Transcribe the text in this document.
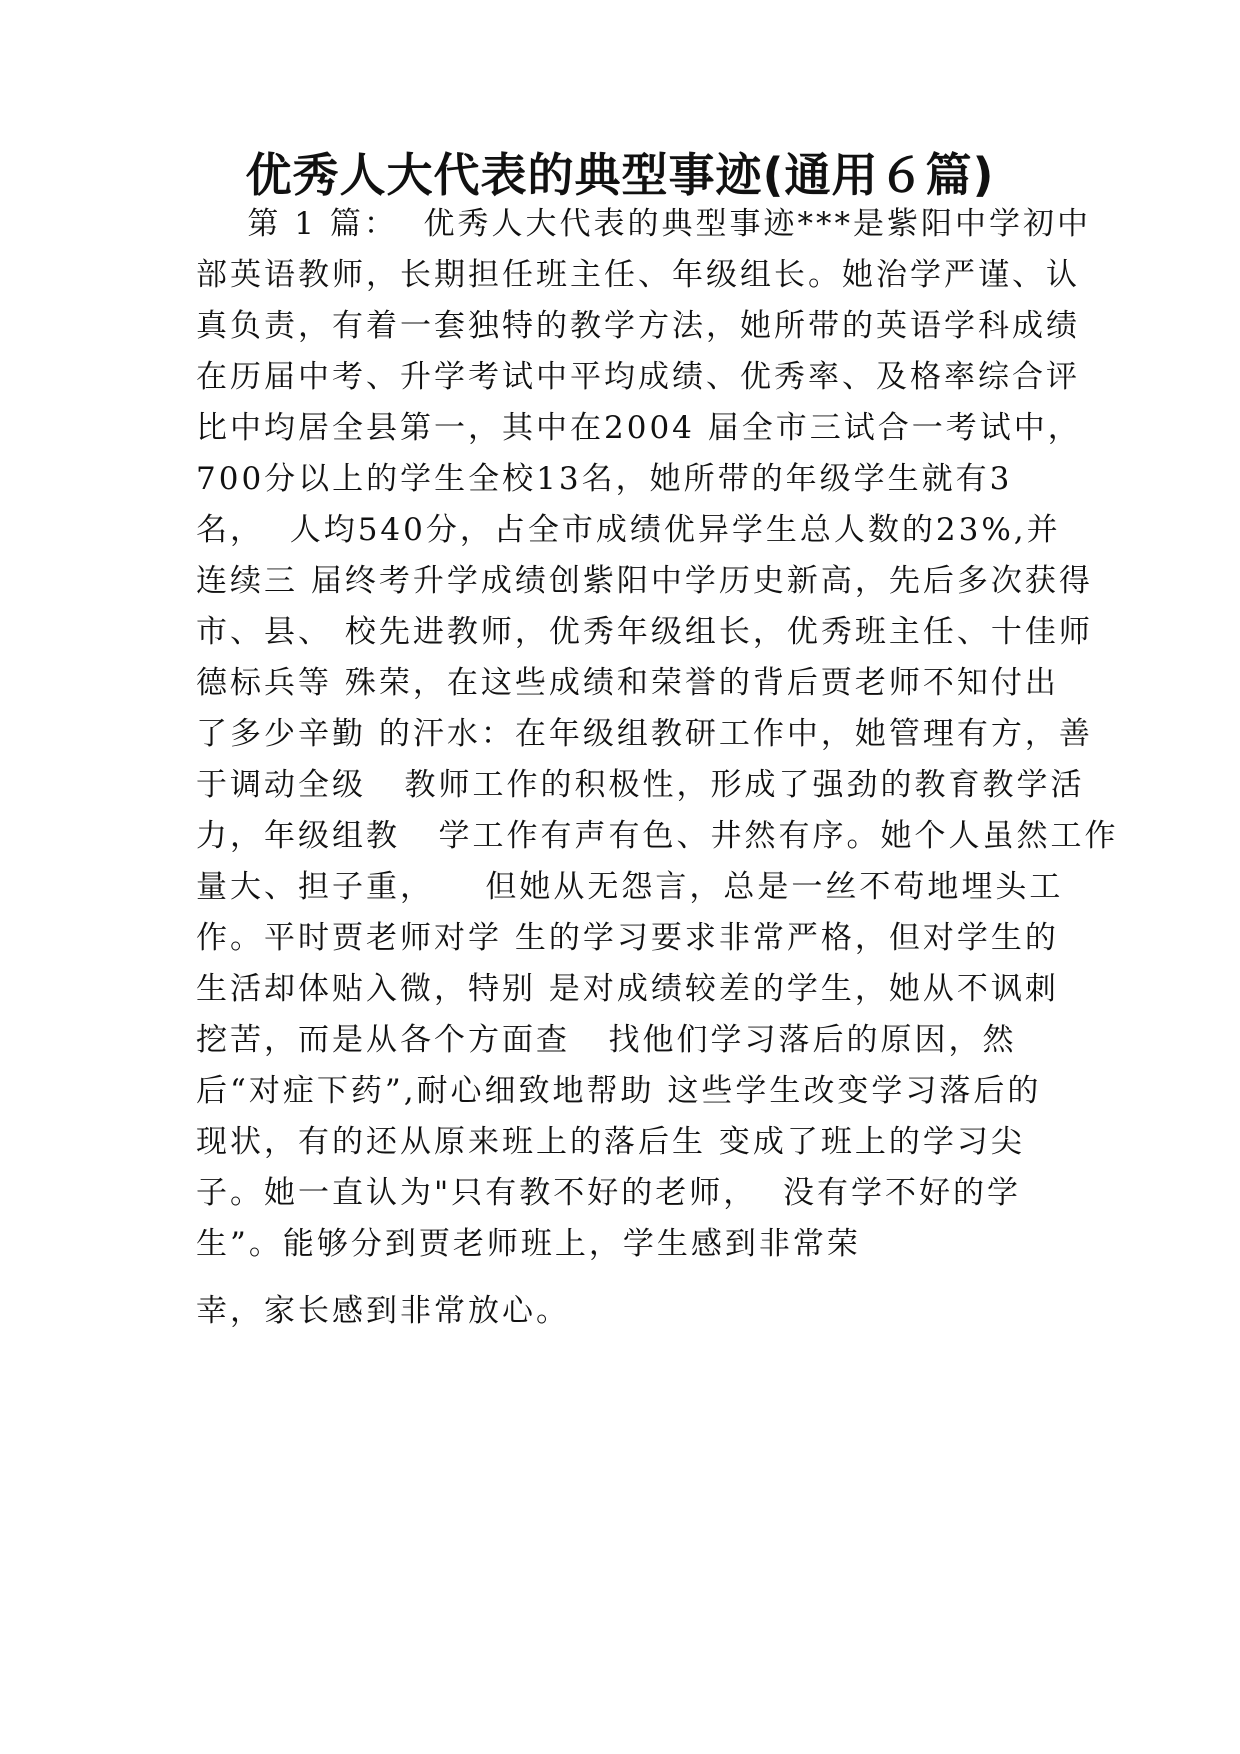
优秀人大代表的典型事迹(通用６篇)
第 1 篇：  优秀人大代表的典型事迹***是紫阳中学初中
部英语教师，长期担任班主任、年级组长。她治学严谨、认
真负责，有着一套独特的教学方法，她所带的英语学科成绩
在历届中考、升学考试中平均成绩、优秀率、及格率综合评
比中均居全县第一，其中在2004 届全市三试合一考试中，
700分以上的学生全校13名，她所带的年级学生就有3
名，  人均540分，占全市成绩优异学生总人数的23%,并
连续三 届终考升学成绩创紫阳中学历史新高，先后多次获得
市、县、 校先进教师，优秀年级组长，优秀班主任、十佳师
德标兵等 殊荣，在这些成绩和荣誉的背后贾老师不知付出
了多少辛勤 的汗水：在年级组教研工作中，她管理有方，善
于调动全级   教师工作的积极性，形成了强劲的教育教学活
力，年级组教   学工作有声有色、井然有序。她个人虽然工作
量大、担子重，    但她从无怨言，总是一丝不苟地埋头工
作。平时贾老师对学 生的学习要求非常严格，但对学生的
生活却体贴入微，特别 是对成绩较差的学生，她从不讽刺
挖苦，而是从各个方面查   找他们学习落后的原因，然
后“对症下药”,耐心细致地帮助 这些学生改变学习落后的
现状，有的还从原来班上的落后生 变成了班上的学习尖
子。她一直认为"只有教不好的老师，  没有学不好的学
生”。能够分到贾老师班上，学生感到非常荣
幸，家长感到非常放心。
